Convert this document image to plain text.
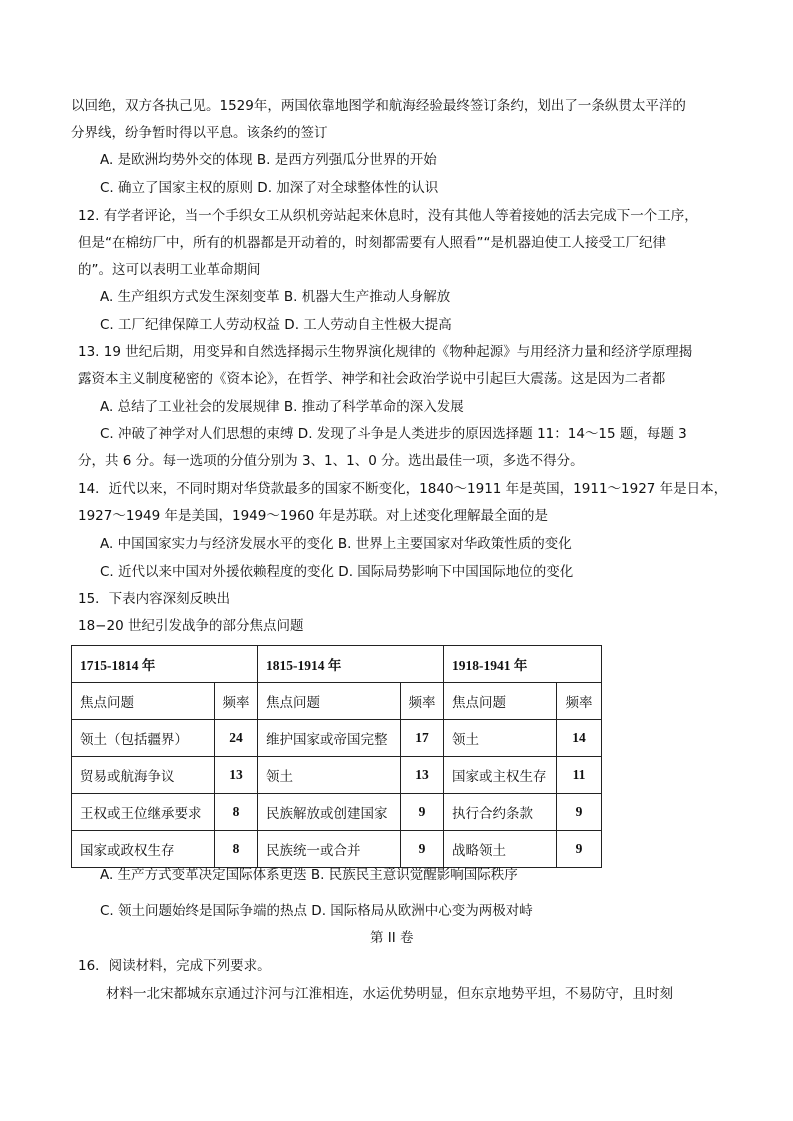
以回绝，双方各执己见。1529年，两国依靠地图学和航海经验最终签订条约，划出了一条纵贯太平洋的
分界线，纷争暂时得以平息。该条约的签订
A. 是欧洲均势外交的体现 B. 是西方列强瓜分世界的开始
C. 确立了国家主权的原则 D. 加深了对全球整体性的认识
12. 有学者评论，当一个手织女工从织机旁站起来休息时，没有其他人等着接她的活去完成下一个工序，
但是“在棉纺厂中，所有的机器都是开动着的，时刻都需要有人照看”“是机器迫使工人接受工厂纪律
的”。这可以表明工业革命期间
A. 生产组织方式发生深刻变革 B. 机器大生产推动人身解放
C. 工厂纪律保障工人劳动权益 D. 工人劳动自主性极大提高
13. 19 世纪后期，用变异和自然选择揭示生物界演化规律的《物种起源》与用经济力量和经济学原理揭
露资本主义制度秘密的《资本论》，在哲学、神学和社会政治学说中引起巨大震荡。这是因为二者都
A. 总结了工业社会的发展规律 B. 推动了科学革命的深入发展
C. 冲破了神学对人们思想的束缚 D. 发现了斗争是人类进步的原因选择题 11：14～15 题，每题 3
分，共 6 分。每一选项的分值分别为 3、1、1、0 分。选出最佳一项，多选不得分。
14．近代以来，不同时期对华贷款最多的国家不断变化，1840～1911 年是英国，1911～1927 年是日本，
1927～1949 年是美国，1949～1960 年是苏联。对上述变化理解最全面的是
A. 中国国家实力与经济发展水平的变化 B. 世界上主要国家对华政策性质的变化
C. 近代以来中国对外援依赖程度的变化 D. 国际局势影响下中国国际地位的变化
15．下表内容深刻反映出
18−20 世纪引发战争的部分焦点问题
1715-1814 年		1815-1914 年		1918-1941 年	
焦点问题	频率	焦点问题	频率	焦点问题	频率
领土（包括疆界）	24	维护国家或帝国完整	17	领土	14
贸易或航海争议	13	领土	13	国家或主权生存	11
王权或王位继承要求	8	民族解放或创建国家	9	执行合约条款	9
国家或政权生存	8	民族统一或合并	9	战略领土	9
A. 生产方式变革决定国际体系更迭 B. 民族民主意识觉醒影响国际秩序
C. 领土问题始终是国际争端的热点 D. 国际格局从欧洲中心变为两极对峙
第 II 卷
16．阅读材料，完成下列要求。
材料一北宋都城东京通过汴河与江淮相连，水运优势明显，但东京地势平坦，不易防守，且时刻
